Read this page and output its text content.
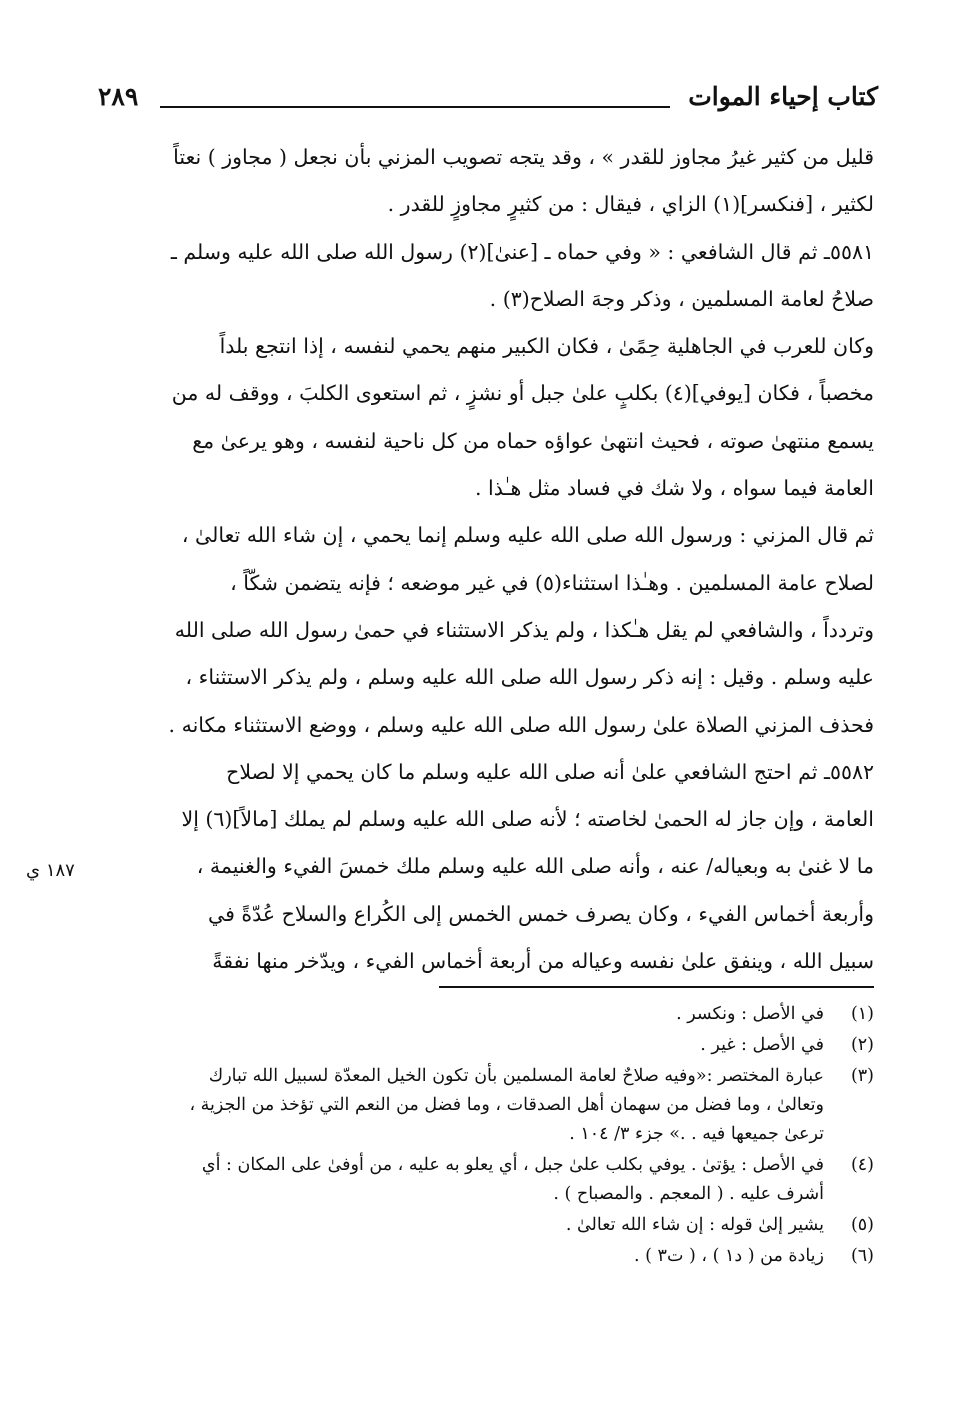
كتاب إحياء الموات
٢٨٩
١٨٧ ي

قليل من كثير غيرُ مجاوز للقدر » ، وقد يتجه تصويب المزني بأن نجعل ( مجاوز ) نعتاً
لكثير ، [فنكسر](١) الزاي ، فيقال : من كثيرٍ مجاوزٍ للقدر .

٥٥٨١ـ ثم قال الشافعي : « وفي حماه ـ [عنیٰ](٢) رسول الله صلى الله عليه وسلم ـ
صلاحُ لعامة المسلمين ، وذكر وجهَ الصلاح(٣) .

وكان للعرب في الجاهلية حِمًىٰ ، فكان الكبير منهم يحمي لنفسه ، إذا انتجع بلداً
مخصباً ، فكان [يوفي](٤) بكلبٍ علىٰ جبل أو نشزٍ ، ثم استعوى الكلبَ ، ووقف له من
يسمع منتهىٰ صوته ، فحيث انتهىٰ عواؤه حماه من كل ناحية لنفسه ، وهو يرعىٰ مع
العامة فيما سواه ، ولا شك في فساد مثل هـٰذا .

ثم قال المزني : ورسول الله صلى الله عليه وسلم إنما يحمي ، إن شاء الله تعالىٰ ،
لصلاح عامة المسلمين . وهـٰذا استثناء(٥) في غير موضعه ؛ فإنه يتضمن شكّاً ،
وتردداً ، والشافعي لم يقل هـٰكذا ، ولم يذكر الاستثناء في حمىٰ رسول الله صلى الله
عليه وسلم . وقيل : إنه ذكر رسول الله صلى الله عليه وسلم ، ولم يذكر الاستثناء ،
فحذف المزني الصلاة علىٰ رسول الله صلى الله عليه وسلم ، ووضع الاستثناء مكانه .

٥٥٨٢ـ ثم احتج الشافعي علىٰ أنه صلى الله عليه وسلم ما كان يحمي إلا لصلاح
العامة ، وإن جاز له الحمىٰ لخاصته ؛ لأنه صلى الله عليه وسلم لم يملك [مالاً](٦) إلا
ما لا غنىٰ به وبعياله/ عنه ، وأنه صلى الله عليه وسلم ملك خمسَ الفيء والغنيمة ،
وأربعة أخماس الفيء ، وكان يصرف خمس الخمس إلى الكُراع والسلاح عُدّةً في
سبيل الله ، وينفق علىٰ نفسه وعياله من أربعة أخماس الفيء ، ويدّخر منها نفقةً

(١)
في الأصل : ونكسر .
(٢)
في الأصل : غير .
(٣)
عبارة المختصر :«وفيه صلاحٌ لعامة المسلمين بأن تكون الخيل المعدّة لسبيل الله تبارك
وتعالىٰ ، وما فضل من سهمان أهل الصدقات ، وما فضل من النعم التي تؤخذ من الجزية ،
ترعىٰ جميعها فيه . .» جزء ٣/ ١٠٤ .
(٤)
في الأصل : يؤتىٰ . يوفي بكلب علىٰ جبل ، أي يعلو به عليه ، من أوفىٰ على المكان : أي
أشرف عليه . ( المعجم . والمصباح ) .
(٥)
يشير إلىٰ قوله : إن شاء الله تعالىٰ .
(٦)
زيادة من ( د١ ) ، ( ت٣ ) .
